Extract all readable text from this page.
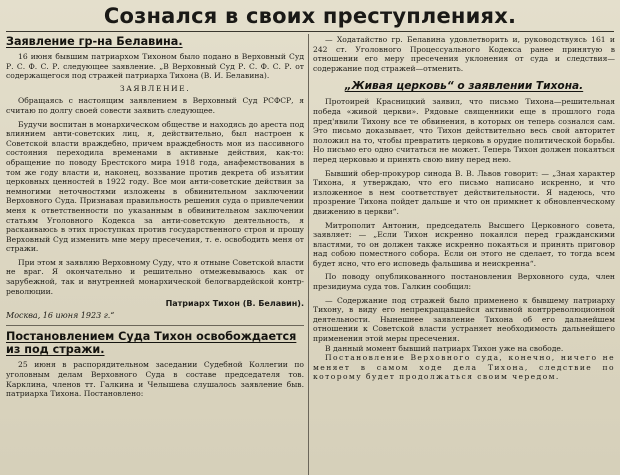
Сознался в своих преступлениях.
Заявление гр-на Белавина.

16 июня бывшим патриархом Тихоном было подано в Верховный Суд Р. С. Ф. С. Р. следующее заявление. „В Верховный Суд Р. С. Ф. С. Р. от содержащегося под стражей патриарха Тихона (В. И. Белавина).

ЗАЯВЛЕНИЕ.

Обращаясь с настоящим заявлением в Верховный Суд РСФСР, я считаю по долгу своей совести заявить следующее.

Будучи воспитан в монархическом обществе и находясь до ареста под влиянием анти-советских лиц, я, действительно, был настроен к Советской власти враждебно, причем враждебность моя из пассивного состояния переходила временами в активные действия, как-то: обращение по поводу Брестского мира 1918 года, анафемствования в том же году власти и, наконец, воззвание против декрета об изъятии церковных ценностей в 1922 году. Все мои анти-советские действия за немногими неточностями изложены в обвинительном заключении Верховного Суда. Признавая правильность решения суда о привлечении меня к ответственности по указанным в обвинительном заключении статьям Уголовного Кодекса за анти-советскую деятельность, я раскаиваюсь в этих проступках против государственного строя и прошу Верховный Суд изменить мне меру пресечения, т. е. освободить меня от стражи.

При этом я заявляю Верховному Суду, что я отныне Советской власти не враг. Я окончательно и решительно отмежевываюсь как от зарубежной, так и внутренней монархической белогвардейской контр-революции.

Патриарх Тихон (В. Белавин).
Москва, 16 июня 1923 г.“
Постановлением Суда Тихон освобождается из под стражи.

25 июня в распорядительном заседании Судебной Коллегии по уголовным делам Верховного Суда в составе председателя тов. Карклина, членов тт. Галкина и Челышева слушалось заявление быв. патриарха Тихона. Постановлено:

— Ходатайство гр. Белавина удовлетворить и, руководствуясь 161 и 242 ст. Уголовного Процессуального Кодекса ранее принятую в отношении его меру пресечения уклонения от суда и следствия—содержание под стражей—отменить.

„Живая церковь“ о заявлении Тихона.

Протоирей Красницкий заявил, что письмо Тихона—решительная победа «живой церкви». Рядовые священники еще в прошлого года пред'явили Тихону все те обвинения, в которых он теперь сознался сам. Это письмо доказывает, что Тихон действительно весь свой авторитет положил на то, чтобы превратить церковь в орудие политической борьбы. Но письмо его одно считаться не может. Теперь Тихон должен покаяться перед церковью и принять свою вину перед нею.

Бывший обер-прокурор синода В. В. Львов говорит: — „Зная характер Тихона, я утверждаю, что его письмо написано искренно, и что изложенное в нем соответствует действительности. Я надеюсь, что прозрение Тихона пойдет дальше и что он примкнет к обновленческому движению в церкви“.

Митрополит Антонин, председатель Высшего Церковного совета, заявляет: — „Если Тихон искренно покаялся перед гражданскими властями, то он должен также искренно покаяться и принять приговор над собою поместного собора. Если он этого не сделает, то тогда всем будет ясно, что его исповедь фальшива и неискренна“.

По поводу опубликованного постановления Верховного суда, член президиума суда тов. Галкин сообщил:

— Содержание под стражей было применено к бывшему патриарху Тихону, в виду его непрекращавшейся активной контрреволюционной деятельности. Нынешнее заявление Тихона об его дальнейшем отношении к Советской власти устраняет необходимость дальнейшего применения этой меры пресечения.

В данный момент бывший патриарх Тихон уже на свободе.

Постановление Верховного суда, конечно, ничего не меняет в самом ходе дела Тихона, следствие по которому будет продолжаться своим чередом.
